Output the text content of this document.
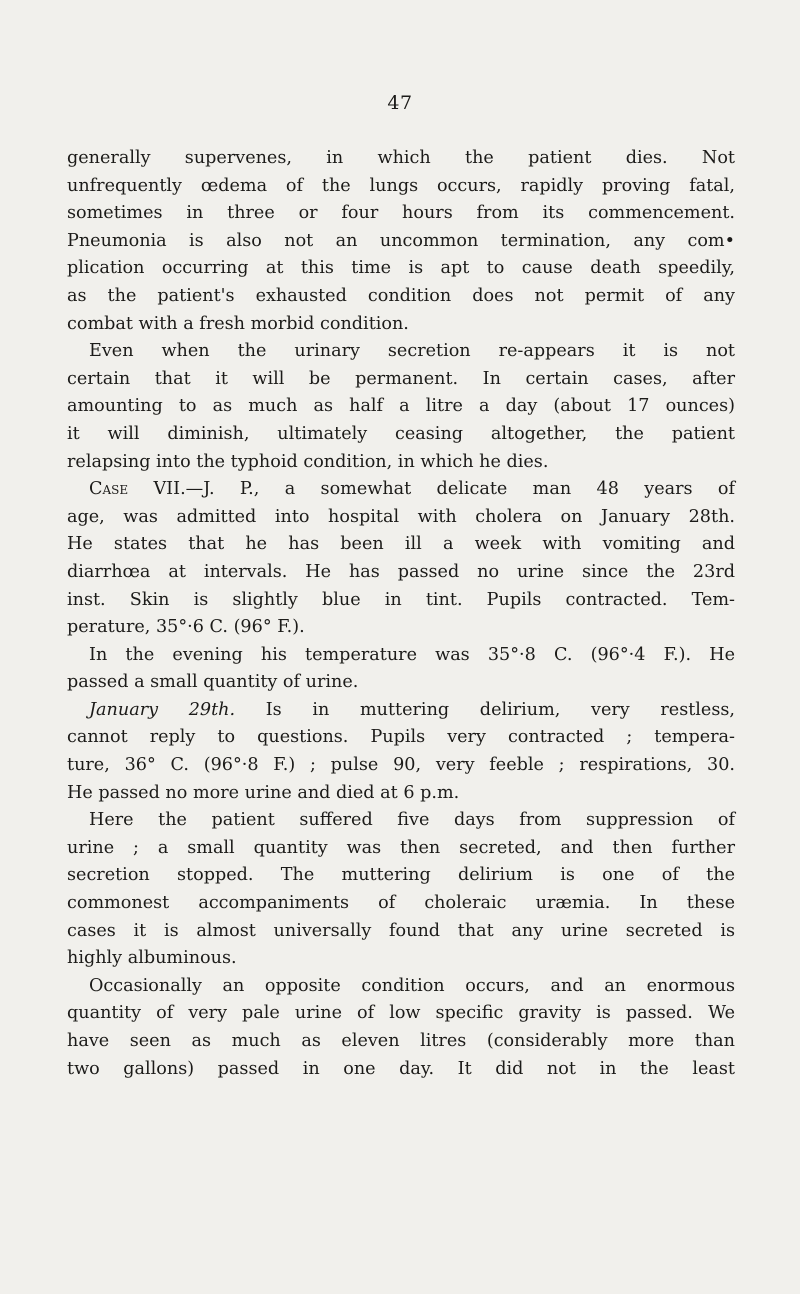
47
generally supervenes, in which the patient dies. Not
unfrequently œdema of the lungs occurs, rapidly proving fatal,
sometimes in three or four hours from its commencement.
Pneumonia is also not an uncommon termination, any com•
plication occurring at this time is apt to cause death speedily,
as the patient's exhausted condition does not permit of any
combat with a fresh morbid condition.
Even when the urinary secretion re-appears it is not
certain that it will be permanent. In certain cases, after
amounting to as much as half a litre a day (about 17 ounces)
it will diminish, ultimately ceasing altogether, the patient
relapsing into the typhoid condition, in which he dies.
Case VII.—J. P., a somewhat delicate man 48 years of
age, was admitted into hospital with cholera on January 28th.
He states that he has been ill a week with vomiting and
diarrhœa at intervals. He has passed no urine since the 23rd
inst. Skin is slightly blue in tint. Pupils contracted. Tem-
perature, 35°·6 C. (96° F.).
In the evening his temperature was 35°·8 C. (96°·4 F.). He
passed a small quantity of urine.
January 29th. Is in muttering delirium, very restless,
cannot reply to questions. Pupils very contracted ; tempera-
ture, 36° C. (96°·8 F.) ; pulse 90, very feeble ; respirations, 30.
He passed no more urine and died at 6 p.m.
Here the patient suffered five days from suppression of
urine ; a small quantity was then secreted, and then further
secretion stopped. The muttering delirium is one of the
commonest accompaniments of choleraic uræmia. In these
cases it is almost universally found that any urine secreted is
highly albuminous.
Occasionally an opposite condition occurs, and an enormous
quantity of very pale urine of low specific gravity is passed. We
have seen as much as eleven litres (considerably more than
two gallons) passed in one day. It did not in the least
